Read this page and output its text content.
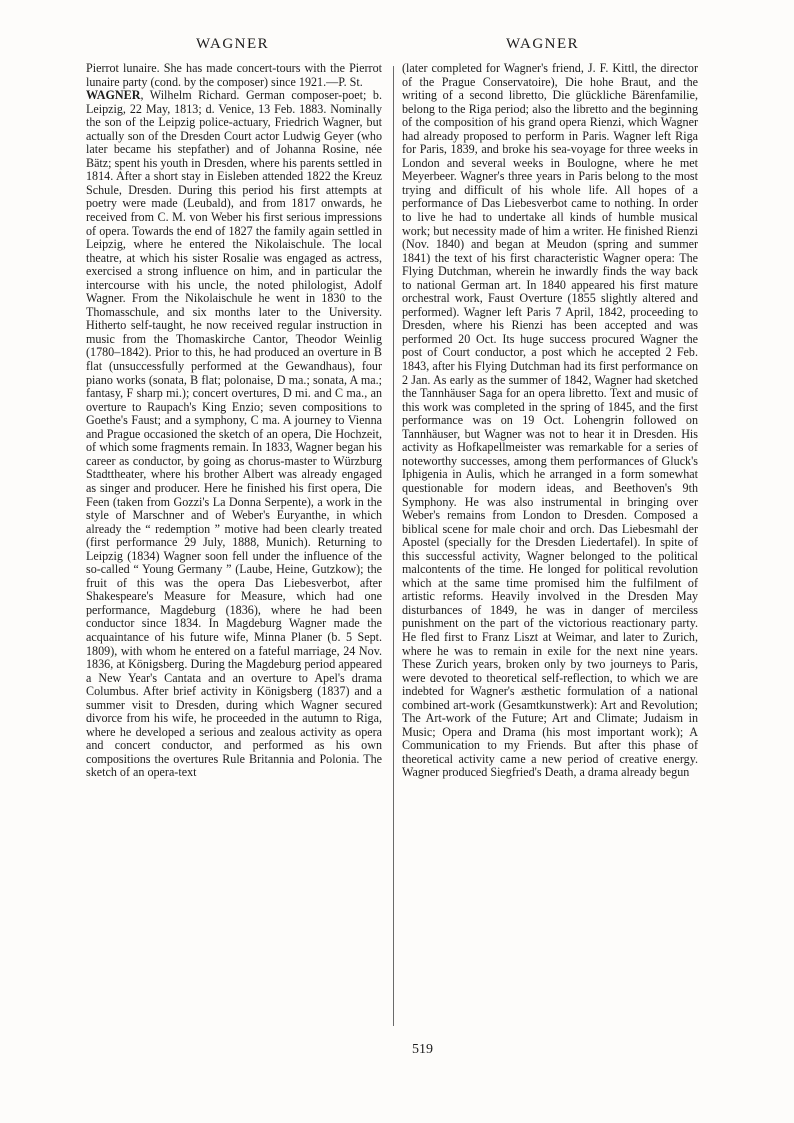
WAGNER	WAGNER

Pierrot lunaire. She has made concert-tours with the Pierrot lunaire party (cond. by the composer) since 1921.—P. St.

WAGNER, Wilhelm Richard. German composer-poet; b. Leipzig, 22 May, 1813; d. Venice, 13 Feb. 1883. Nominally the son of the Leipzig police-actuary, Friedrich Wagner, but actually son of the Dresden Court actor Ludwig Geyer (who later became his stepfather) and of Johanna Rosine, née Bätz; spent his youth in Dresden, where his parents settled in 1814. After a short stay in Eisleben attended 1822 the Kreuz Schule, Dresden. During this period his first attempts at poetry were made (Leubald), and from 1817 onwards, he received from C. M. von Weber his first serious impressions of opera. Towards the end of 1827 the family again settled in Leipzig, where he entered the Nikolaischule. The local theatre, at which his sister Rosalie was engaged as actress, exercised a strong influence on him, and in particular the intercourse with his uncle, the noted philologist, Adolf Wagner. From the Nikolaischule he went in 1830 to the Thomasschule, and six months later to the University. Hitherto self-taught, he now received regular instruction in music from the Thomaskirche Cantor, Theodor Weinlig (1780–1842). Prior to this, he had produced an overture in B flat (unsuccessfully performed at the Gewandhaus), four piano works (sonata, B flat; polonaise, D ma.; sonata, A ma.; fantasy, F sharp mi.); concert overtures, D mi. and C ma., an overture to Raupach's King Enzio; seven compositions to Goethe's Faust; and a symphony, C ma. A journey to Vienna and Prague occasioned the sketch of an opera, Die Hochzeit, of which some fragments remain. In 1833, Wagner began his career as conductor, by going as chorus-master to Würzburg Stadttheater, where his brother Albert was already engaged as singer and producer. Here he finished his first opera, Die Feen (taken from Gozzi's La Donna Serpente), a work in the style of Marschner and of Weber's Euryanthe, in which already the “ redemption ” motive had been clearly treated (first performance 29 July, 1888, Munich). Returning to Leipzig (1834) Wagner soon fell under the influence of the so-called “ Young Germany ” (Laube, Heine, Gutzkow); the fruit of this was the opera Das Liebesverbot, after Shakespeare's Measure for Measure, which had one performance, Magdeburg (1836), where he had been conductor since 1834. In Magdeburg Wagner made the acquaintance of his future wife, Minna Planer (b. 5 Sept. 1809), with whom he entered on a fateful marriage, 24 Nov. 1836, at Königsberg. During the Magdeburg period appeared a New Year's Cantata and an overture to Apel's drama Columbus. After brief activity in Königsberg (1837) and a summer visit to Dresden, during which Wagner secured divorce from his wife, he proceeded in the autumn to Riga, where he developed a serious and zealous activity as opera and concert conductor, and performed as his own compositions the overtures Rule Britannia and Polonia. The sketch of an opera-text

(later completed for Wagner's friend, J. F. Kittl, the director of the Prague Conservatoire), Die hohe Braut, and the writing of a second libretto, Die glückliche Bärenfamilie, belong to the Riga period; also the libretto and the beginning of the composition of his grand opera Rienzi, which Wagner had already proposed to perform in Paris. Wagner left Riga for Paris, 1839, and broke his sea-voyage for three weeks in London and several weeks in Boulogne, where he met Meyerbeer. Wagner's three years in Paris belong to the most trying and difficult of his whole life. All hopes of a performance of Das Liebesverbot came to nothing. In order to live he had to undertake all kinds of humble musical work; but necessity made of him a writer. He finished Rienzi (Nov. 1840) and began at Meudon (spring and summer 1841) the text of his first characteristic Wagner opera: The Flying Dutchman, wherein he inwardly finds the way back to national German art. In 1840 appeared his first mature orchestral work, Faust Overture (1855 slightly altered and performed). Wagner left Paris 7 April, 1842, proceeding to Dresden, where his Rienzi has been accepted and was performed 20 Oct. Its huge success procured Wagner the post of Court conductor, a post which he accepted 2 Feb. 1843, after his Flying Dutchman had its first performance on 2 Jan. As early as the summer of 1842, Wagner had sketched the Tannhäuser Saga for an opera libretto. Text and music of this work was completed in the spring of 1845, and the first performance was on 19 Oct. Lohengrin followed on Tannhäuser, but Wagner was not to hear it in Dresden. His activity as Hofkapellmeister was remarkable for a series of noteworthy successes, among them performances of Gluck's Iphigenia in Aulis, which he arranged in a form somewhat questionable for modern ideas, and Beethoven's 9th Symphony. He was also instrumental in bringing over Weber's remains from London to Dresden. Composed a biblical scene for male choir and orch. Das Liebesmahl der Apostel (specially for the Dresden Liedertafel). In spite of this successful activity, Wagner belonged to the political malcontents of the time. He longed for political revolution which at the same time promised him the fulfilment of artistic reforms. Heavily involved in the Dresden May disturbances of 1849, he was in danger of merciless punishment on the part of the victorious reactionary party. He fled first to Franz Liszt at Weimar, and later to Zurich, where he was to remain in exile for the next nine years. These Zurich years, broken only by two journeys to Paris, were devoted to theoretical self-reflection, to which we are indebted for Wagner's æsthetic formulation of a national combined art-work (Gesamtkunstwerk): Art and Revolution; The Art-work of the Future; Art and Climate; Judaism in Music; Opera and Drama (his most important work); A Communication to my Friends. But after this phase of theoretical activity came a new period of creative energy. Wagner produced Siegfried's Death, a drama already begun

519
